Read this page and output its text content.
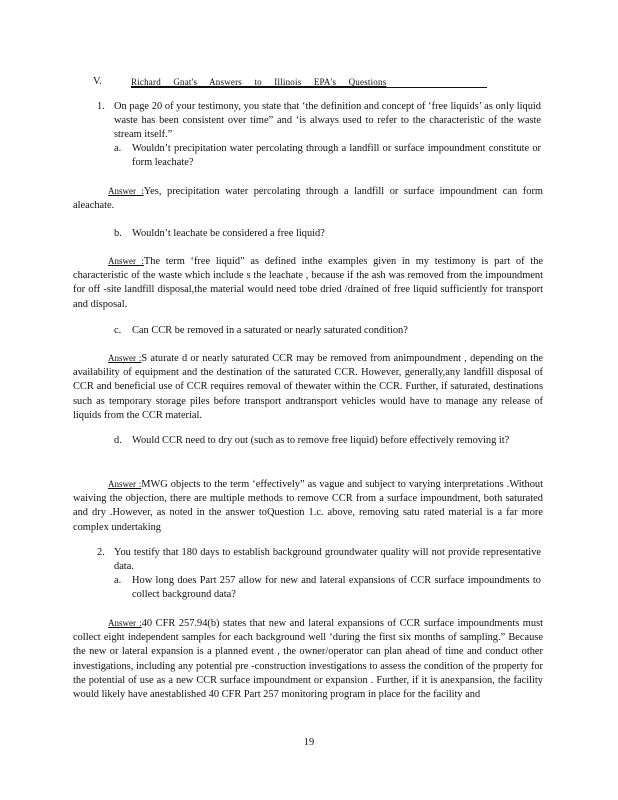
V.	Richard Gnat's Answers to Illinois EPA's Questions
1. On page 20 of your testimony, you state that ‘the definition and concept of ‘free liquids’ as only liquid waste has been consistent over time” and ‘is always used to refer to the characteristic of the waste stream itself.”
a. Wouldn’t precipitation water percolating through a landfill or surface impoundment constitute or form leachate?
Answer :Yes, precipitation water percolating through a landfill or surface impoundment can form aleachate.
b. Wouldn’t leachate be considered a free liquid?
Answer :The term ‘free liquid” as defined inthe examples given in my testimony is part of the characteristic of the waste which include s the leachate , because if the ash was removed from the impoundment for off -site landfill disposal,the material would need tobe dried /drained of free liquid sufficiently for transport and disposal.
c. Can CCR be removed in a saturated or nearly saturated condition?
Answer :S aturate d or nearly saturated CCR may be removed from animpoundment , depending on the availability of equipment and the destination of the saturated CCR. However, generally,any landfill disposal of CCR and beneficial use of CCR requires removal of thewater within the CCR. Further, if saturated, destinations such as temporary storage piles before transport andtransport vehicles would have to manage any release of liquids from the CCR material.
d. Would CCR need to dry out (such as to remove free liquid) before effectively removing it?
Answer :MWG objects to the term ‘effectively” as vague and subject to varying interpretations .Without waiving the objection, there are multiple methods to remove CCR from a surface impoundment, both saturated and dry .However, as noted in the answer toQuestion 1.c. above, removing satu rated material is a far more complex undertaking
2. You testify that 180 days to establish background groundwater quality will not provide representative data.
a. How long does Part 257 allow for new and lateral expansions of CCR surface impoundments to collect background data?
Answer :40 CFR 257.94(b) states that new and lateral expansions of CCR surface impoundments must collect eight independent samples for each background well ‘during the first six months of sampling.” Because the new or lateral expansion is a planned event , the owner/operator can plan ahead of time and conduct other investigations, including any potential pre -construction investigations to assess the condition of the property for the potential of use as a new CCR surface impoundment or expansion . Further, if it is anexpansion, the facility would likely have anestablished 40 CFR Part 257 monitoring program in place for the facility and
19
